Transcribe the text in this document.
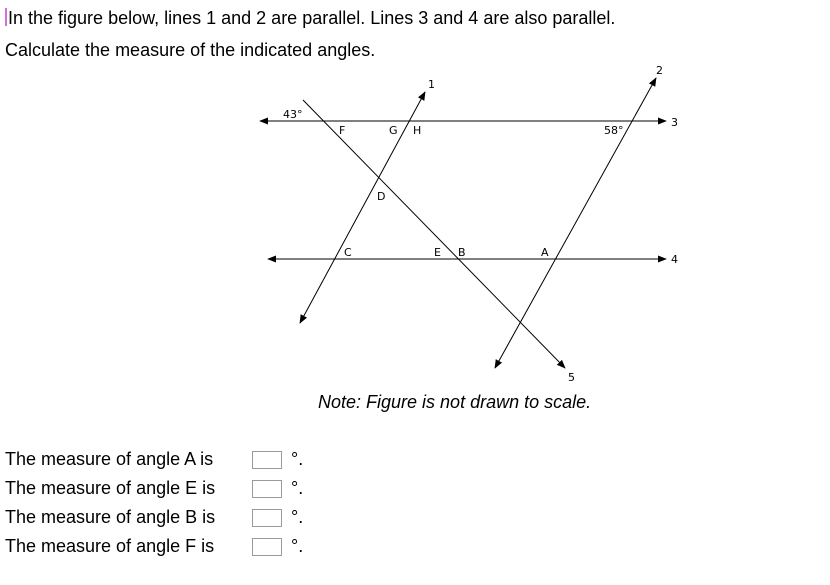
In the figure below, lines 1 and 2 are parallel. Lines 3 and 4 are also parallel.
Calculate the measure of the indicated angles.
1
2
3
4
5
43°
58°
F	G H
D
C	E B	A
Note: Figure is not drawn to scale.
The measure of angle A is	°.
The measure of angle E is	°.
The measure of angle B is	°.
The measure of angle F is	°.
